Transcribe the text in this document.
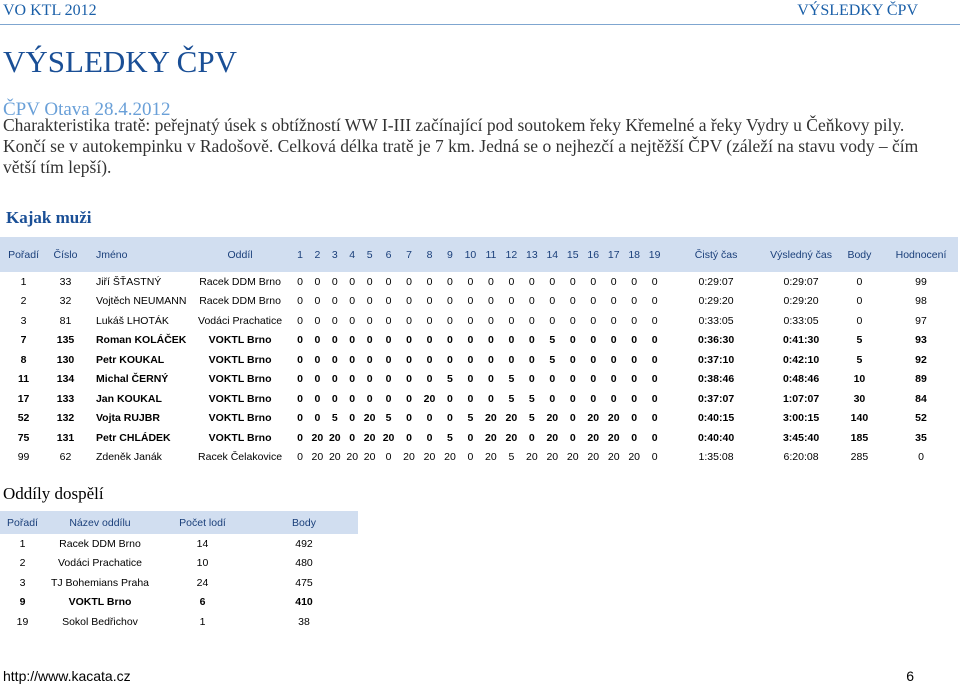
VO KTL 2012	VÝSLEDKY ČPV
VÝSLEDKY ČPV
ČPV Otava 28.4.2012
Charakteristika tratě: peřejnatý úsek s obtížností WW I-III začínající pod soutokem řeky Křemelné a řeky Vydry u Čeňkovy pily. Končí se v autokempinku v Radošově. Celková délka tratě je 7 km. Jedná se o nejhezčí a nejtěžší ČPV (záleží na stavu vody – čím větší tím lepší).
Kajak muži
Pořadí	Číslo	Jméno	Oddíl	1	2	3	4	5	6	7	8	9	10	11	12	13	14	15	16	17	18	19	Čistý čas	Výsledný čas	Body	Hodnocení
1	33	Jiří ŠŤASTNÝ	Racek DDM Brno	0	0	0	0	0	0	0	0	0	0	0	0	0	0	0	0	0	0	0	0:29:07	0:29:07	0	99
2	32	Vojtěch NEUMANN	Racek DDM Brno	0	0	0	0	0	0	0	0	0	0	0	0	0	0	0	0	0	0	0	0:29:20	0:29:20	0	98
3	81	Lukáš LHOTÁK	Vodáci Prachatice	0	0	0	0	0	0	0	0	0	0	0	0	0	0	0	0	0	0	0	0:33:05	0:33:05	0	97
7	135	Roman KOLÁČEK	VOKTL Brno	0	0	0	0	0	0	0	0	0	0	0	0	0	5	0	0	0	0	0	0:36:30	0:41:30	5	93
8	130	Petr KOUKAL	VOKTL Brno	0	0	0	0	0	0	0	0	0	0	0	0	0	5	0	0	0	0	0	0:37:10	0:42:10	5	92
11	134	Michal ČERNÝ	VOKTL Brno	0	0	0	0	0	0	0	0	5	0	0	5	0	0	0	0	0	0	0	0:38:46	0:48:46	10	89
17	133	Jan KOUKAL	VOKTL Brno	0	0	0	0	0	0	0	20	0	0	0	5	5	0	0	0	0	0	0	0:37:07	1:07:07	30	84
52	132	Vojta RUJBR	VOKTL Brno	0	0	5	0	20	5	0	0	0	5	20	20	5	20	0	20	20	0	0	0:40:15	3:00:15	140	52
75	131	Petr CHLÁDEK	VOKTL Brno	0	20	20	0	20	20	0	0	5	0	20	20	0	20	0	20	20	0	0	0:40:40	3:45:40	185	35
99	62	Zdeněk Janák	Racek Čelakovice	0	20	20	20	20	0	20	20	20	0	20	5	20	20	20	20	20	20	0	1:35:08	6:20:08	285	0
Oddíly dospělí
Pořadí	Název oddílu	Počet lodí	Body
1	Racek DDM Brno	14	492
2	Vodáci Prachatice	10	480
3	TJ Bohemians Praha	24	475
9	VOKTL Brno	6	410
19	Sokol Bedřichov	1	38
http://www.kacata.cz	6
